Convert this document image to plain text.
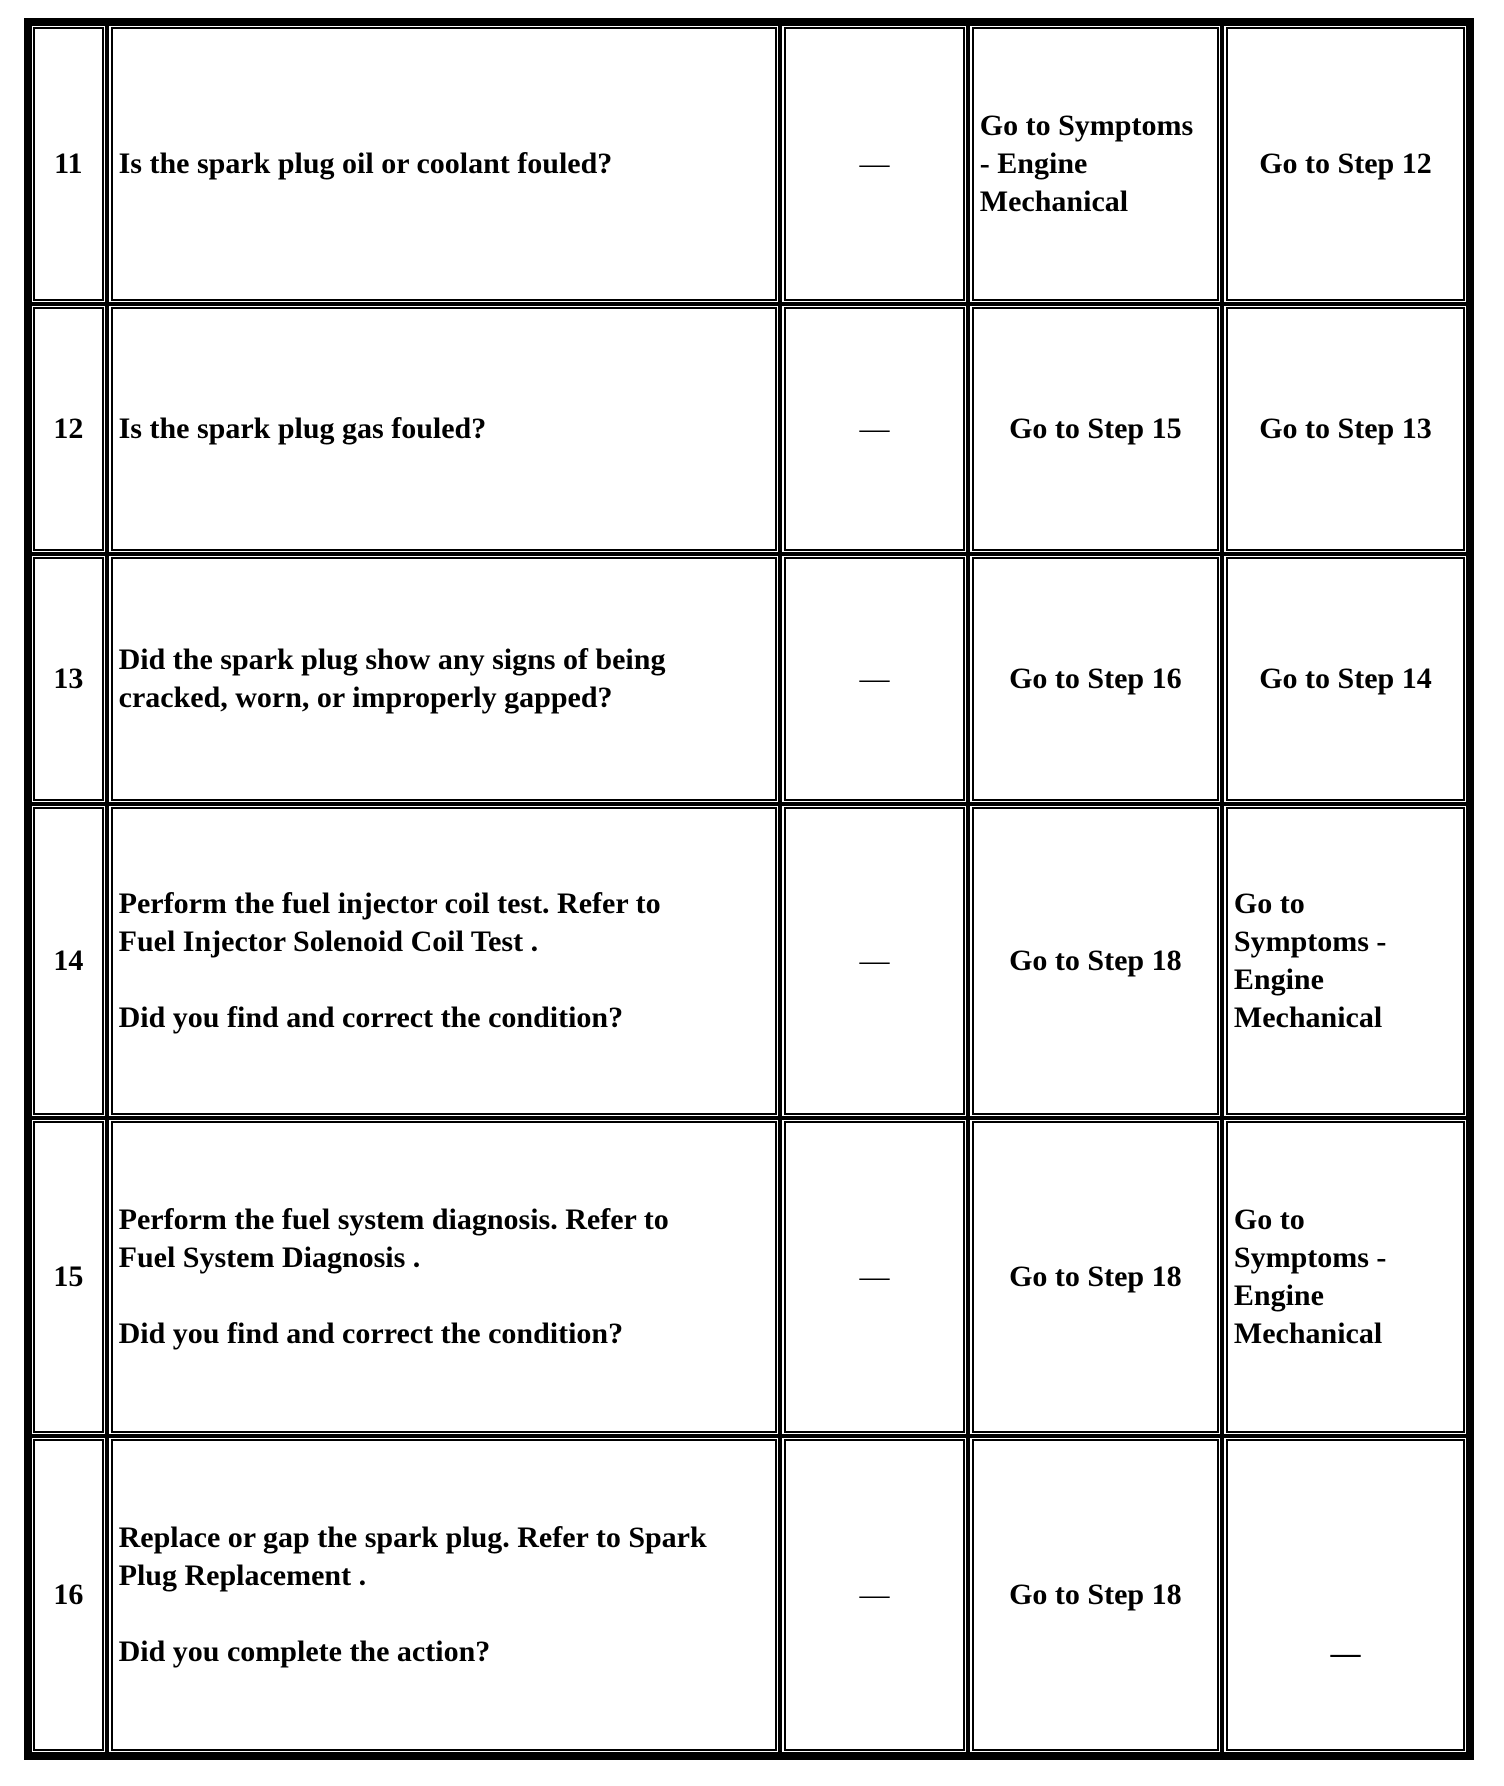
11	Is the spark plug oil or coolant fouled?	—	Go to Symptoms
- Engine
Mechanical	Go to Step 12

12	Is the spark plug gas fouled?	—	Go to Step 15	Go to Step 13

13	Did the spark plug show any signs of being
cracked, worn, or improperly gapped?	—	Go to Step 16	Go to Step 14

14	Perform the fuel injector coil test. Refer to
Fuel Injector Solenoid Coil Test .

Did you find and correct the condition?	—	Go to Step 18	Go to
Symptoms -
Engine
Mechanical

15	Perform the fuel system diagnosis. Refer to
Fuel System Diagnosis .

Did you find and correct the condition?	—	Go to Step 18	Go to
Symptoms -
Engine
Mechanical

16	Replace or gap the spark plug. Refer to Spark
Plug Replacement .

Did you complete the action?	—	Go to Step 18	—
